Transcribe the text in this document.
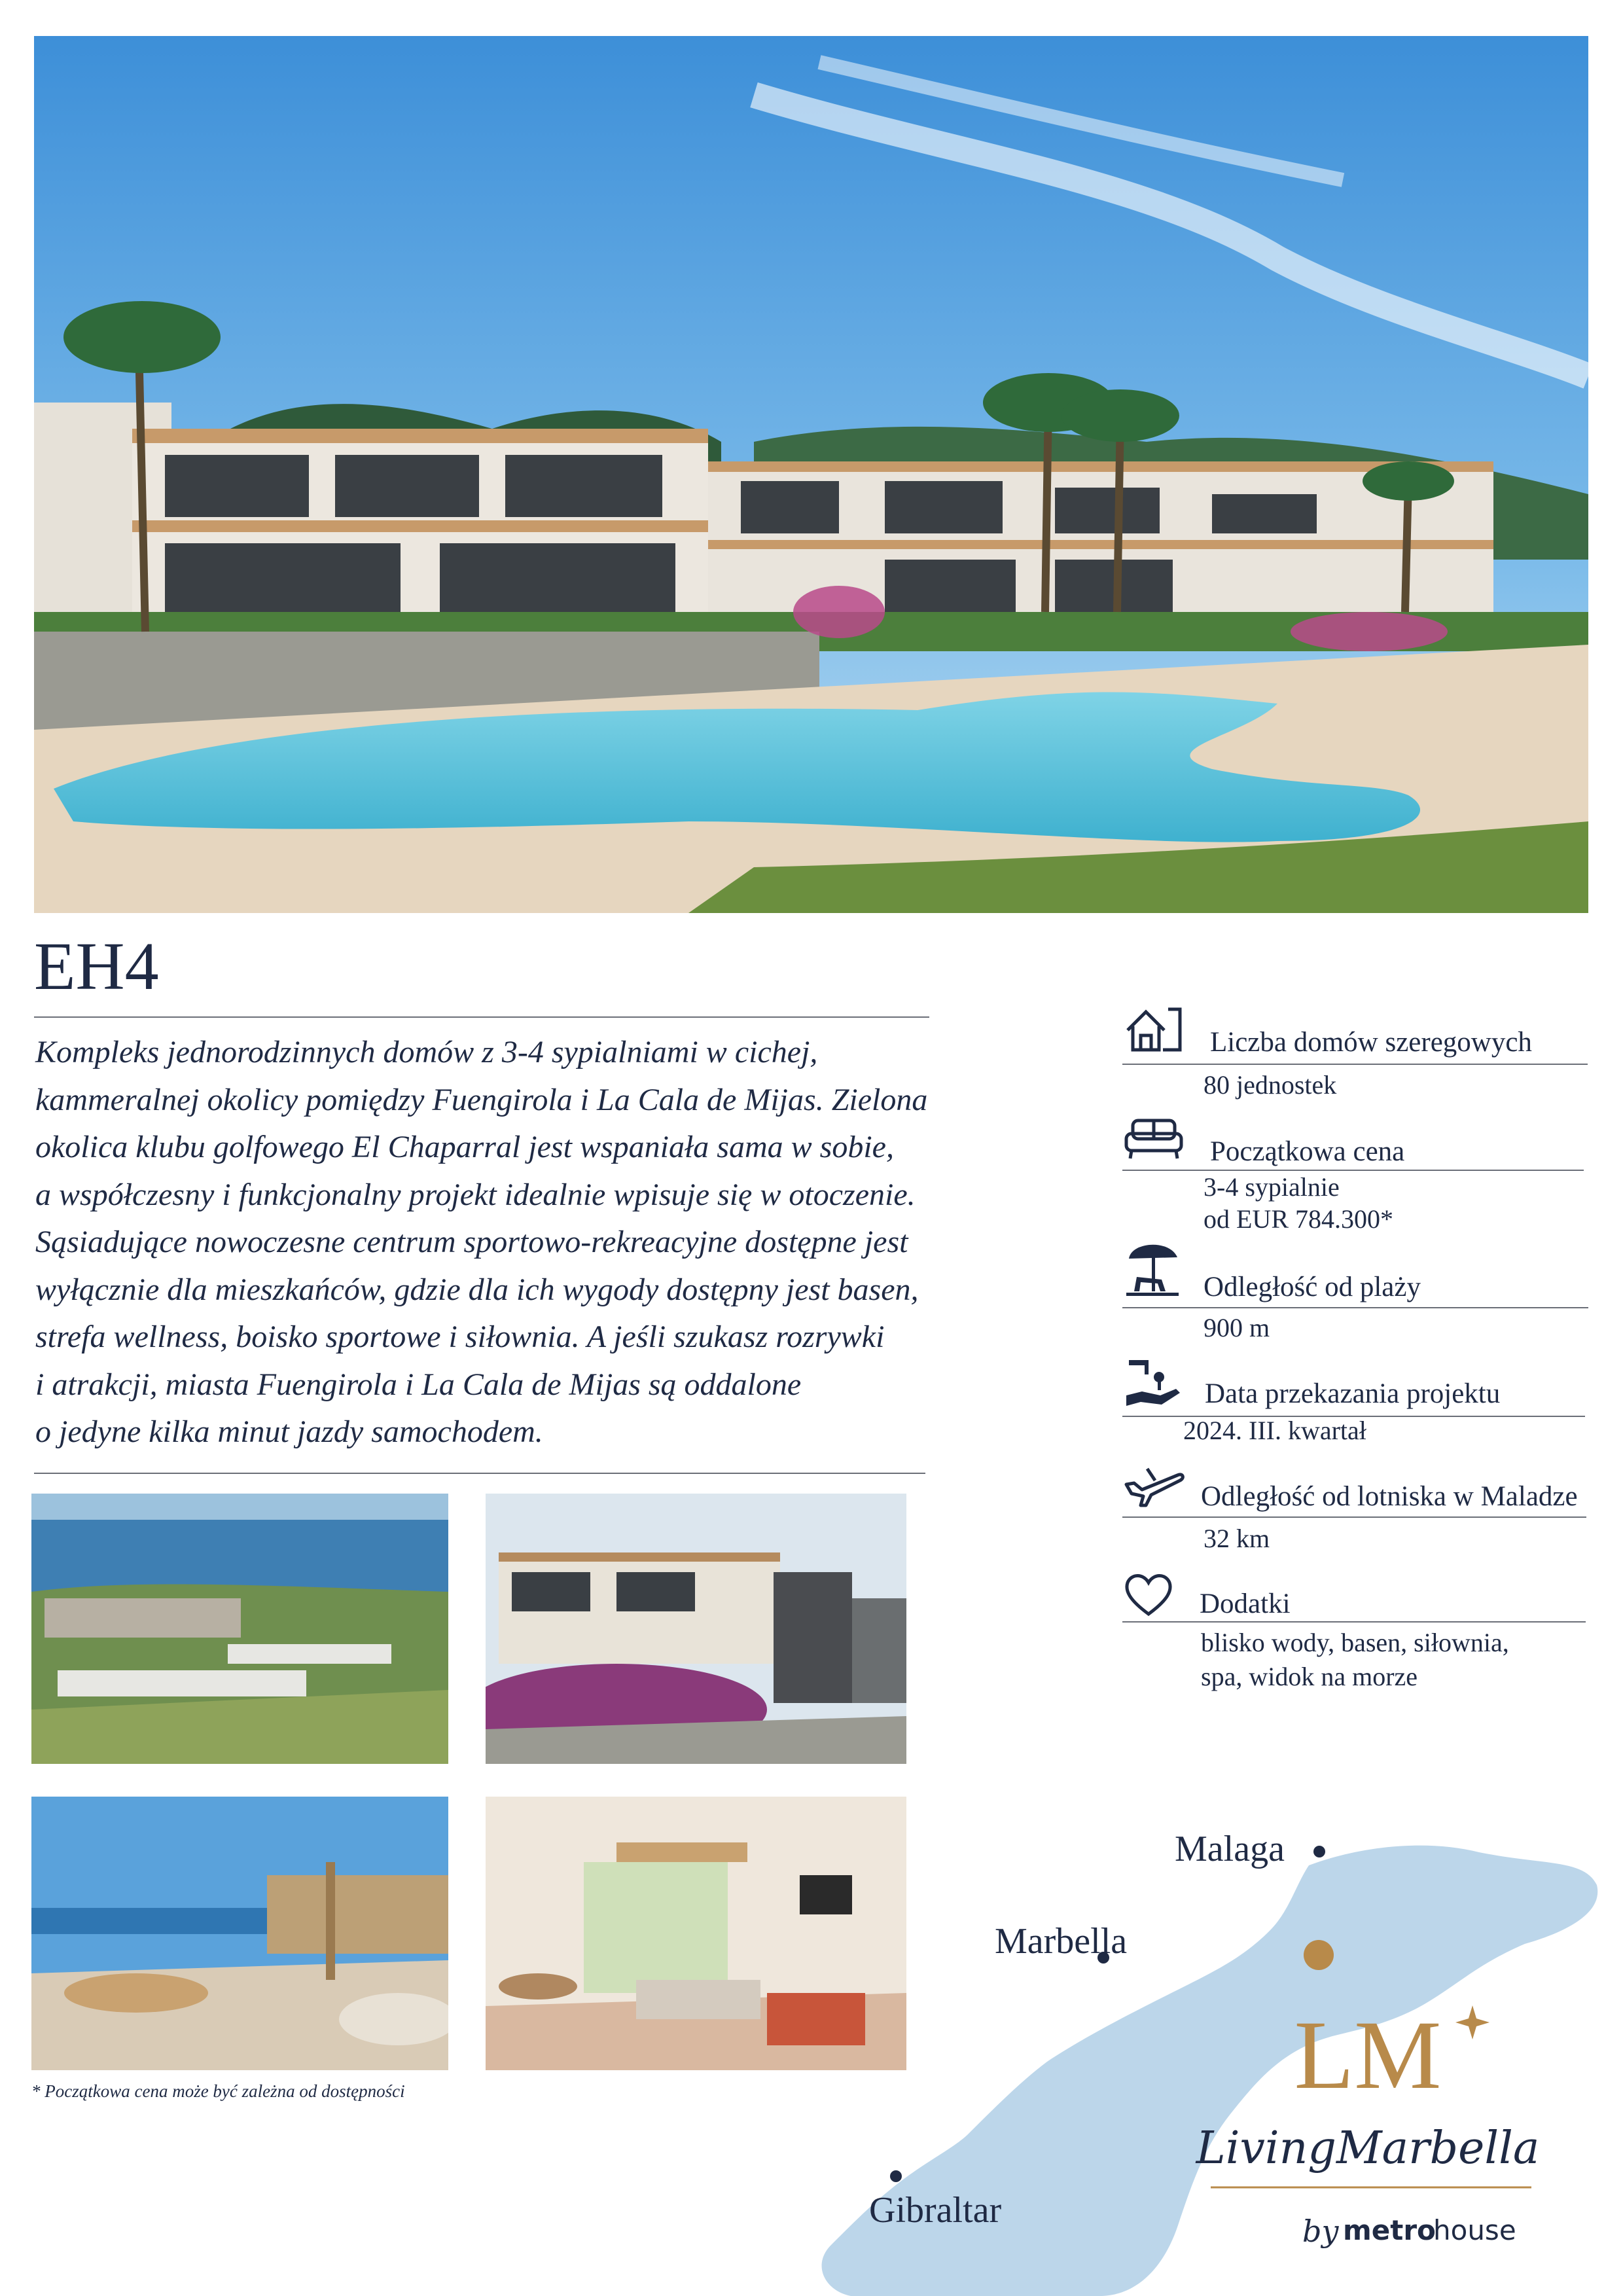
EH4
Kompleks jednorodzinnych domów z 3-4 sypialniami w cichej,
kammeralnej okolicy pomiędzy Fuengirola i La Cala de Mijas. Zielona
okolica klubu golfowego El Chaparral jest wspaniała sama w sobie,
a współczesny i funkcjonalny projekt idealnie wpisuje się w otoczenie.
Sąsiadujące nowoczesne centrum sportowo-rekreacyjne dostępne jest
wyłącznie dla mieszkańców, gdzie dla ich wygody dostępny jest basen,
strefa wellness, boisko sportowe i siłownia. A jeśli szukasz rozrywki
i atrakcji, miasta Fuengirola i La Cala de Mijas są oddalone
o jedyne kilka minut jazdy samochodem.
* Początkowa cena może być zależna od dostępności
Liczba domów szeregowych
80 jednostek
Początkowa cena
3-4 sypialnie
od EUR 784.300*
Odległość od plaży
900 m
Data przekazania projektu
2024. III. kwartał
Odległość od lotniska w Maladze
32 km
Dodatki
blisko wody, basen, siłownia,
spa, widok na morze
Malaga
Marbella
Gibraltar
LM
LivingMarbella
by metro
house
